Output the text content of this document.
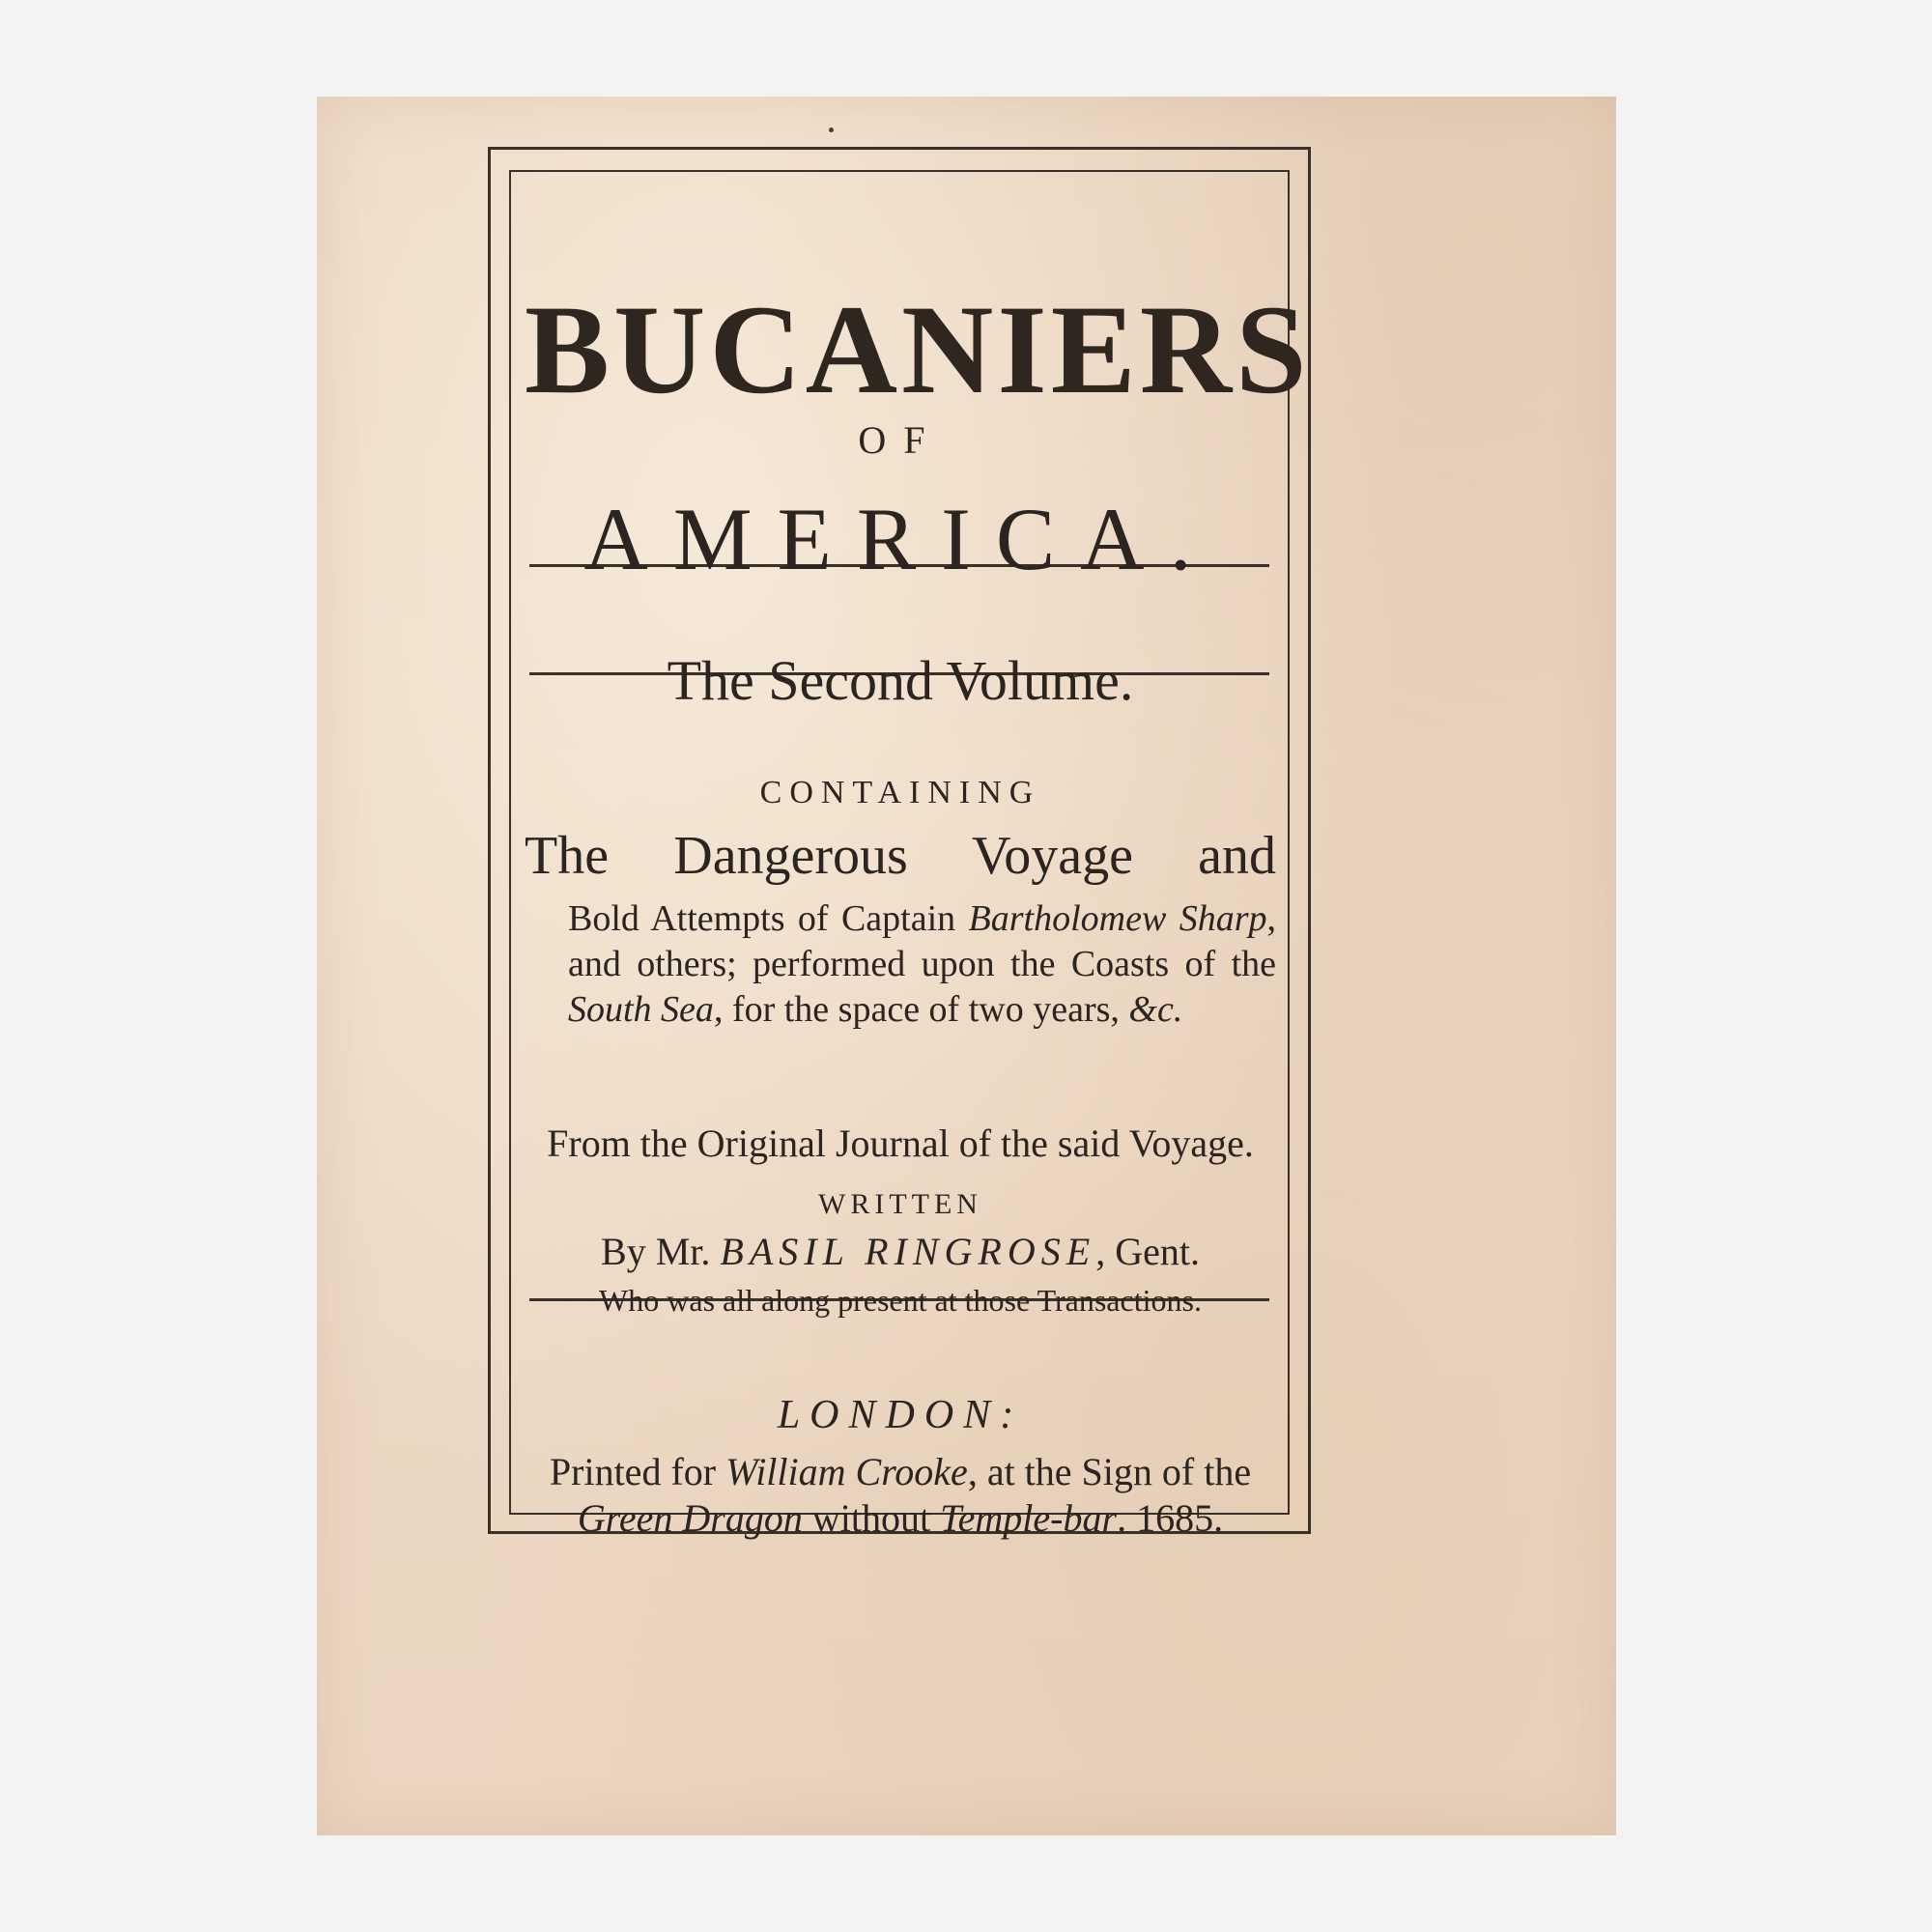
BUCANIERS
OF
AMERICA.
The Second Volume.
CONTAINING
The Dangerous Voyage and
Bold Attempts of Captain Bartholomew Sharp, and others; performed upon the Coasts of the South Sea, for the space of two years, &c.
From the Original Journal of the said Voyage.
WRITTEN
By Mr. BASIL RINGROSE, Gent.
Who was all along present at those Transactions.
LONDON:
Printed for William Crooke, at the Sign of the
Green Dragon without Temple-bar. 1685.
